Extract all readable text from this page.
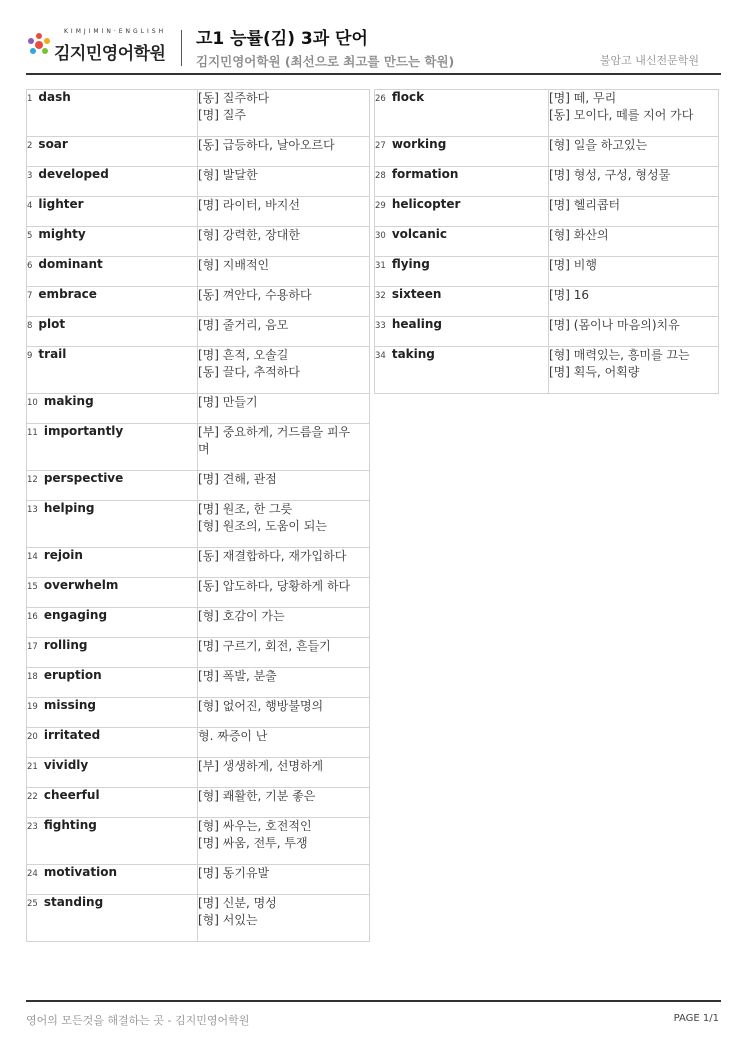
KIMJIMIN·ENGLISH
김지민영어학원
고1 능률(김) 3과 단어
김지민영어학원 (최선으로 최고를 만드는 학원)	불암고 내신전문학원
1 dash	[동] 질주하다
[명] 질주

2 soar	[동] 급등하다, 날아오르다

3 developed	[형] 발달한

4 lighter	[명] 라이터, 바지선

5 mighty	[형] 강력한, 장대한

6 dominant	[형] 지배적인

7 embrace	[동] 껴안다, 수용하다

8 plot	[명] 줄거리, 음모

9 trail	[명] 흔적, 오솔길
[동] 끌다, 추적하다

10 making	[명] 만들기

11 importantly	[부] 중요하게, 거드름을 피우
며

12 perspective	[명] 견해, 관점

13 helping	[명] 원조, 한 그릇
[형] 원조의, 도움이 되는

14 rejoin	[동] 재결합하다, 재가입하다

15 overwhelm	[동] 압도하다, 당황하게 하다

16 engaging	[형] 호감이 가는

17 rolling	[명] 구르기, 회전, 흔들기

18 eruption	[명] 폭발, 분출

19 missing	[형] 없어진, 행방불명의

20 irritated	형. 짜증이 난

21 vividly	[부] 생생하게, 선명하게

22 cheerful	[형] 쾌활한, 기분 좋은

23 fighting	[형] 싸우는, 호전적인
[명] 싸움, 전투, 투쟁

24 motivation	[명] 동기유발

25 standing	[명] 신분, 명성
[형] 서있는
26 flock	[명] 떼, 무리
[동] 모이다, 떼를 지어 가다

27 working	[형] 일을 하고있는

28 formation	[명] 형성, 구성, 형성물

29 helicopter	[명] 헬리콥터

30 volcanic	[형] 화산의

31 flying	[명] 비행

32 sixteen	[명] 16

33 healing	[명] (몸이나 마음의)치유

34 taking	[형] 매력있는, 흥미를 끄는
[명] 획득, 어획량
영어의 모든것을 해결하는 곳 - 김지민영어학원	PAGE 1/1
